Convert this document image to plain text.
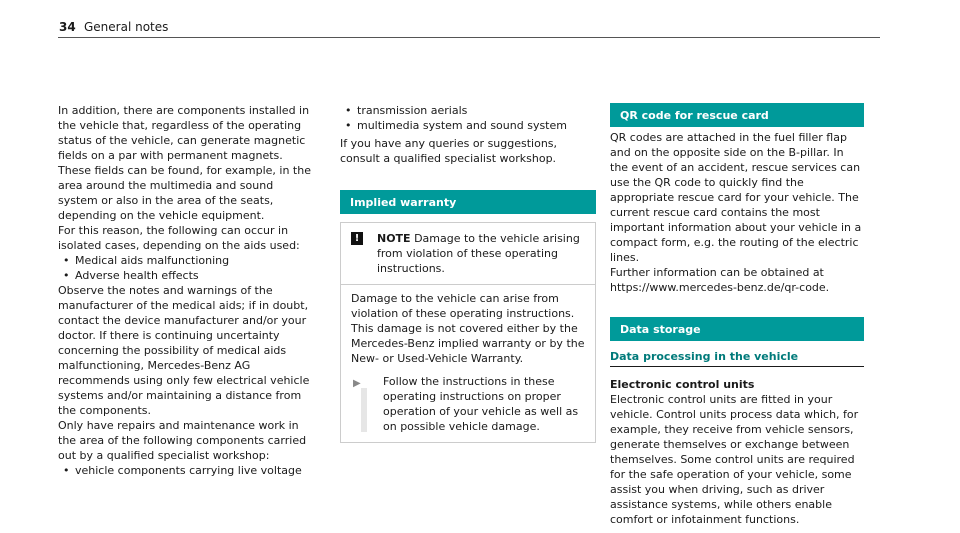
34 General notes

In addition, there are components installed in the vehicle that, regardless of the operating status of the vehicle, can generate magnetic fields on a par with permanent magnets. These fields can be found, for example, in the area around the multimedia and sound system or also in the area of the seats, depending on the vehicle equipment.

For this reason, the following can occur in isolated cases, depending on the aids used:

• Medical aids malfunctioning
• Adverse health effects

Observe the notes and warnings of the manufacturer of the medical aids; if in doubt, contact the device manufacturer and/or your doctor. If there is continuing uncertainty concerning the possibility of medical aids malfunctioning, Mercedes-Benz AG recommends using only few electrical vehicle systems and/or maintaining a distance from the components.

Only have repairs and maintenance work in the area of the following components carried out by a qualified specialist workshop:

• vehicle components carrying live voltage
• transmission aerials
• multimedia system and sound system

If you have any queries or suggestions, consult a qualified specialist workshop.

Implied warranty
!	NOTE Damage to the vehicle arising from violation of these operating instructions.

Damage to the vehicle can arise from violation of these operating instructions.

This damage is not covered either by the Mercedes-Benz implied warranty or by the New- or Used-Vehicle Warranty.

▶	Follow the instructions in these operating instructions on proper operation of your vehicle as well as on possible vehicle damage.

QR code for rescue card

QR codes are attached in the fuel filler flap and on the opposite side on the B-pillar. In the event of an accident, rescue services can use the QR code to quickly find the appropriate rescue card for your vehicle. The current rescue card contains the most important information about your vehicle in a compact form, e.g. the routing of the electric lines.

Further information can be obtained at https://www.mercedes-benz.de/qr-code.

Data storage
Data processing in the vehicle

Electronic control units

Electronic control units are fitted in your vehicle. Control units process data which, for example, they receive from vehicle sensors, generate themselves or exchange between themselves. Some control units are required for the safe operation of your vehicle, some assist you when driving, such as driver assistance systems, while others enable comfort or infotainment functions.
